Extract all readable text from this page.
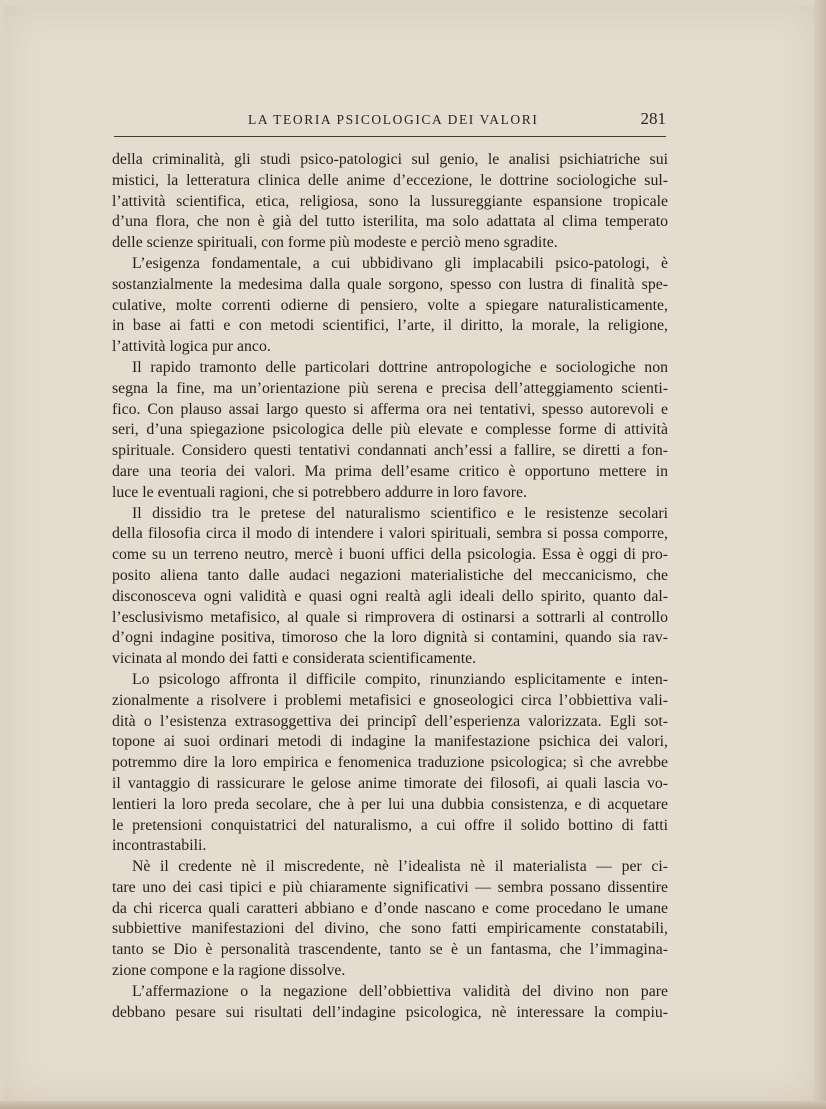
LA TEORIA PSICOLOGICA DEI VALORI	281
della criminalità, gli studi psico-patologici sul genio, le analisi psichiatriche sui
mistici, la letteratura clinica delle anime d’eccezione, le dottrine sociologiche sul-
l’attività scientifica, etica, religiosa, sono la lussureggiante espansione tropicale
d’una flora, che non è già del tutto isterilita, ma solo adattata al clima temperato
delle scienze spirituali, con forme più modeste e perciò meno sgradite.
L’esigenza fondamentale, a cui ubbidivano gli implacabili psico-patologi, è
sostanzialmente la medesima dalla quale sorgono, spesso con lustra di finalità spe-
culative, molte correnti odierne di pensiero, volte a spiegare naturalisticamente,
in base ai fatti e con metodi scientifici, l’arte, il diritto, la morale, la religione,
l’attività logica pur anco.
Il rapido tramonto delle particolari dottrine antropologiche e sociologiche non
segna la fine, ma un’orientazione più serena e precisa dell’atteggiamento scienti-
fico. Con plauso assai largo questo si afferma ora nei tentativi, spesso autorevoli e
seri, d’una spiegazione psicologica delle più elevate e complesse forme di attività
spirituale. Considero questi tentativi condannati anch’essi a fallire, se diretti a fon-
dare una teoria dei valori. Ma prima dell’esame critico è opportuno mettere in
luce le eventuali ragioni, che si potrebbero addurre in loro favore.
Il dissidio tra le pretese del naturalismo scientifico e le resistenze secolari
della filosofia circa il modo di intendere i valori spirituali, sembra si possa comporre,
come su un terreno neutro, mercè i buoni uffici della psicologia. Essa è oggi di pro-
posito aliena tanto dalle audaci negazioni materialistiche del meccanicismo, che
disconosceva ogni validità e quasi ogni realtà agli ideali dello spirito, quanto dal-
l’esclusivismo metafisico, al quale si rimprovera di ostinarsi a sottrarli al controllo
d’ogni indagine positiva, timoroso che la loro dignità si contamini, quando sia rav-
vicinata al mondo dei fatti e considerata scientificamente.
Lo psicologo affronta il difficile compito, rinunziando esplicitamente e inten-
zionalmente a risolvere i problemi metafisici e gnoseologici circa l’obbiettiva vali-
dità o l’esistenza extrasoggettiva dei principî dell’esperienza valorizzata. Egli sot-
topone ai suoi ordinari metodi di indagine la manifestazione psichica dei valori,
potremmo dire la loro empirica e fenomenica traduzione psicologica; sì che avrebbe
il vantaggio di rassicurare le gelose anime timorate dei filosofi, ai quali lascia vo-
lentieri la loro preda secolare, che à per lui una dubbia consistenza, e di acquetare
le pretensioni conquistatrici del naturalismo, a cui offre il solido bottino di fatti
incontrastabili.
Nè il credente nè il miscredente, nè l’idealista nè il materialista — per ci-
tare uno dei casi tipici e più chiaramente significativi — sembra possano dissentire
da chi ricerca quali caratteri abbiano e d’onde nascano e come procedano le umane
subbiettive manifestazioni del divino, che sono fatti empiricamente constatabili,
tanto se Dio è personalità trascendente, tanto se è un fantasma, che l’immagina-
zione compone e la ragione dissolve.
L’affermazione o la negazione dell’obbiettiva validità del divino non pare
debbano pesare sui risultati dell’indagine psicologica, nè interessare la compiu-
